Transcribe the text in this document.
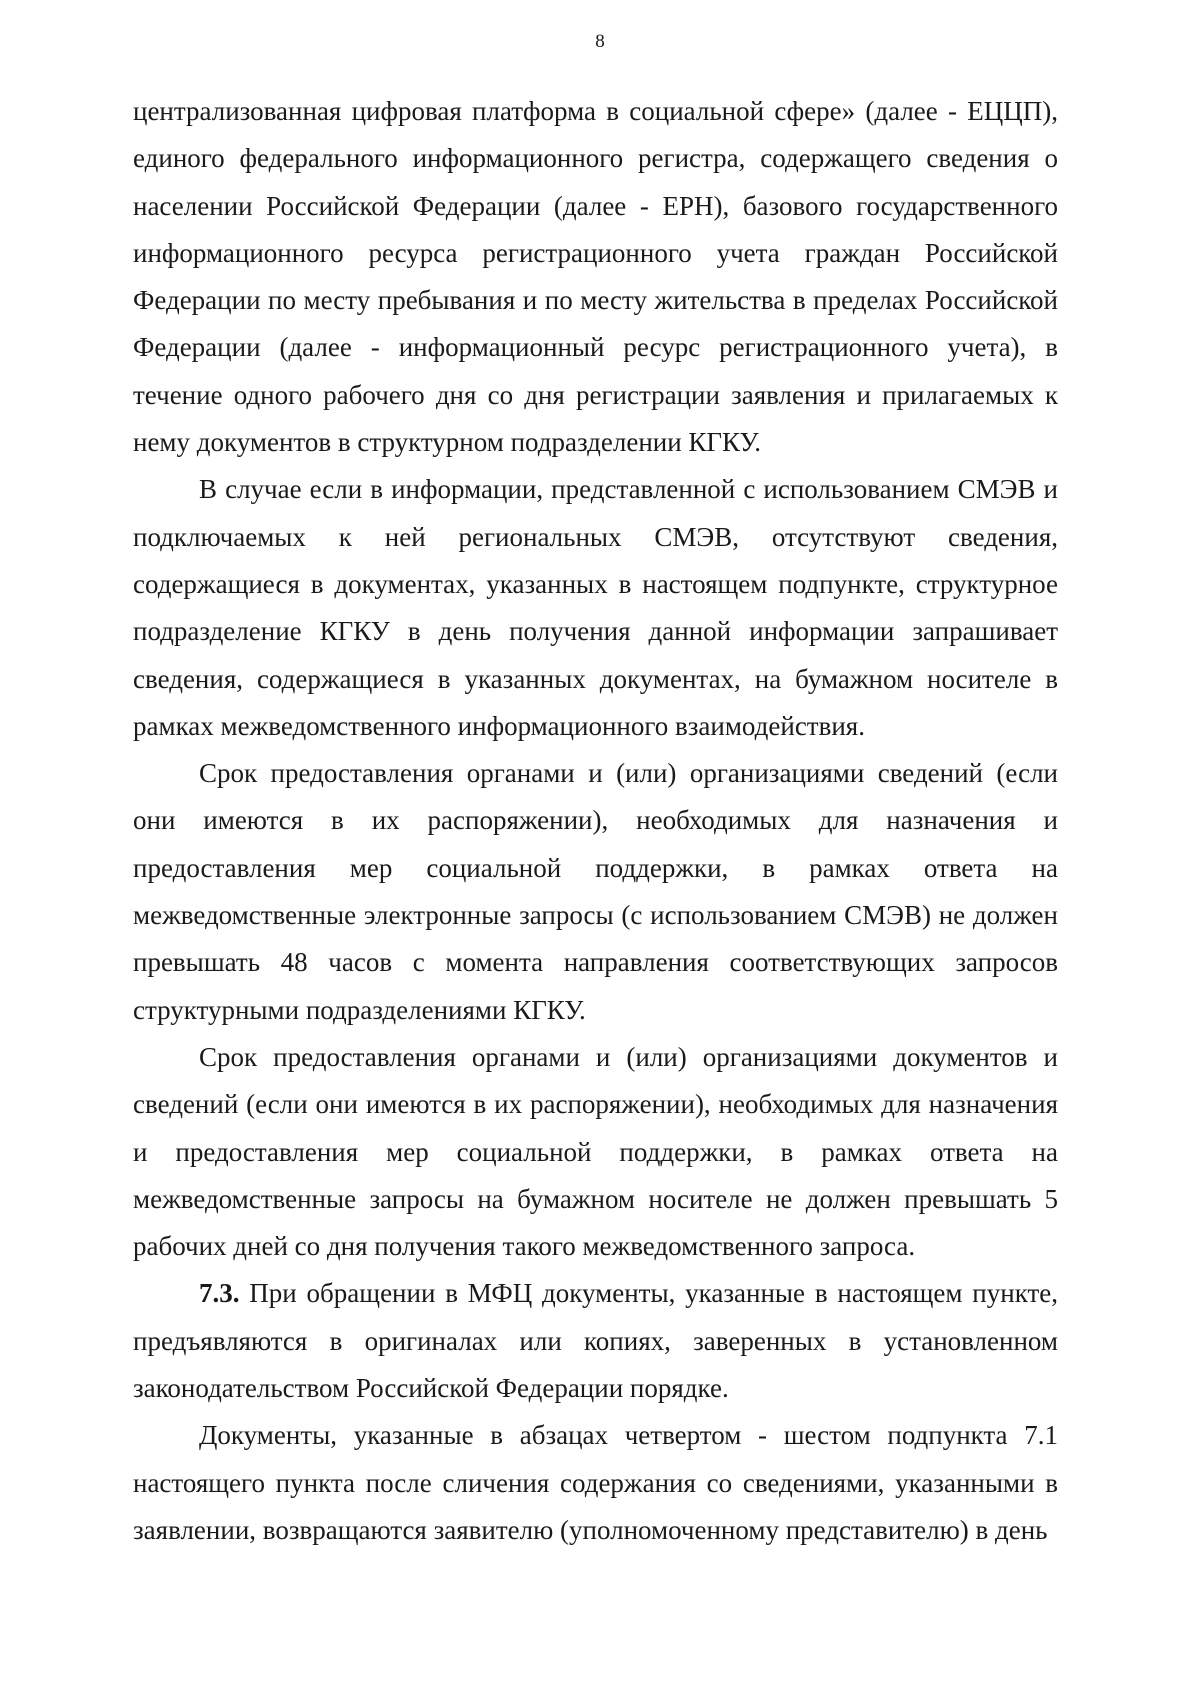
8

централизованная цифровая платформа в социальной сфере» (далее - ЕЦЦП), единого федерального информационного регистра, содержащего сведения о населении Российской Федерации (далее - ЕРН), базового государственного информационного ресурса регистрационного учета граждан Российской Федерации по месту пребывания и по месту жительства в пределах Российской Федерации (далее - информационный ресурс регистрационного учета), в течение одного рабочего дня со дня регистрации заявления и прилагаемых к нему документов в структурном подразделении КГКУ.

В случае если в информации, представленной с использованием СМЭВ и подключаемых к ней региональных СМЭВ, отсутствуют сведения, содержащиеся в документах, указанных в настоящем подпункте, структурное подразделение КГКУ в день получения данной информации запрашивает сведения, содержащиеся в указанных документах, на бумажном носителе в рамках межведомственного информационного взаимодействия.

Срок предоставления органами и (или) организациями сведений (если они имеются в их распоряжении), необходимых для назначения и предоставления мер социальной поддержки, в рамках ответа на межведомственные электронные запросы (с использованием СМЭВ) не должен превышать 48 часов с момента направления соответствующих запросов структурными подразделениями КГКУ.

Срок предоставления органами и (или) организациями документов и сведений (если они имеются в их распоряжении), необходимых для назначения и предоставления мер социальной поддержки, в рамках ответа на межведомственные запросы на бумажном носителе не должен превышать 5 рабочих дней со дня получения такого межведомственного запроса.

7.3. При обращении в МФЦ документы, указанные в настоящем пункте, предъявляются в оригиналах или копиях, заверенных в установленном законодательством Российской Федерации порядке.

Документы, указанные в абзацах четвертом - шестом подпункта 7.1 настоящего пункта после сличения содержания со сведениями, указанными в заявлении, возвращаются заявителю (уполномоченному представителю) в день
